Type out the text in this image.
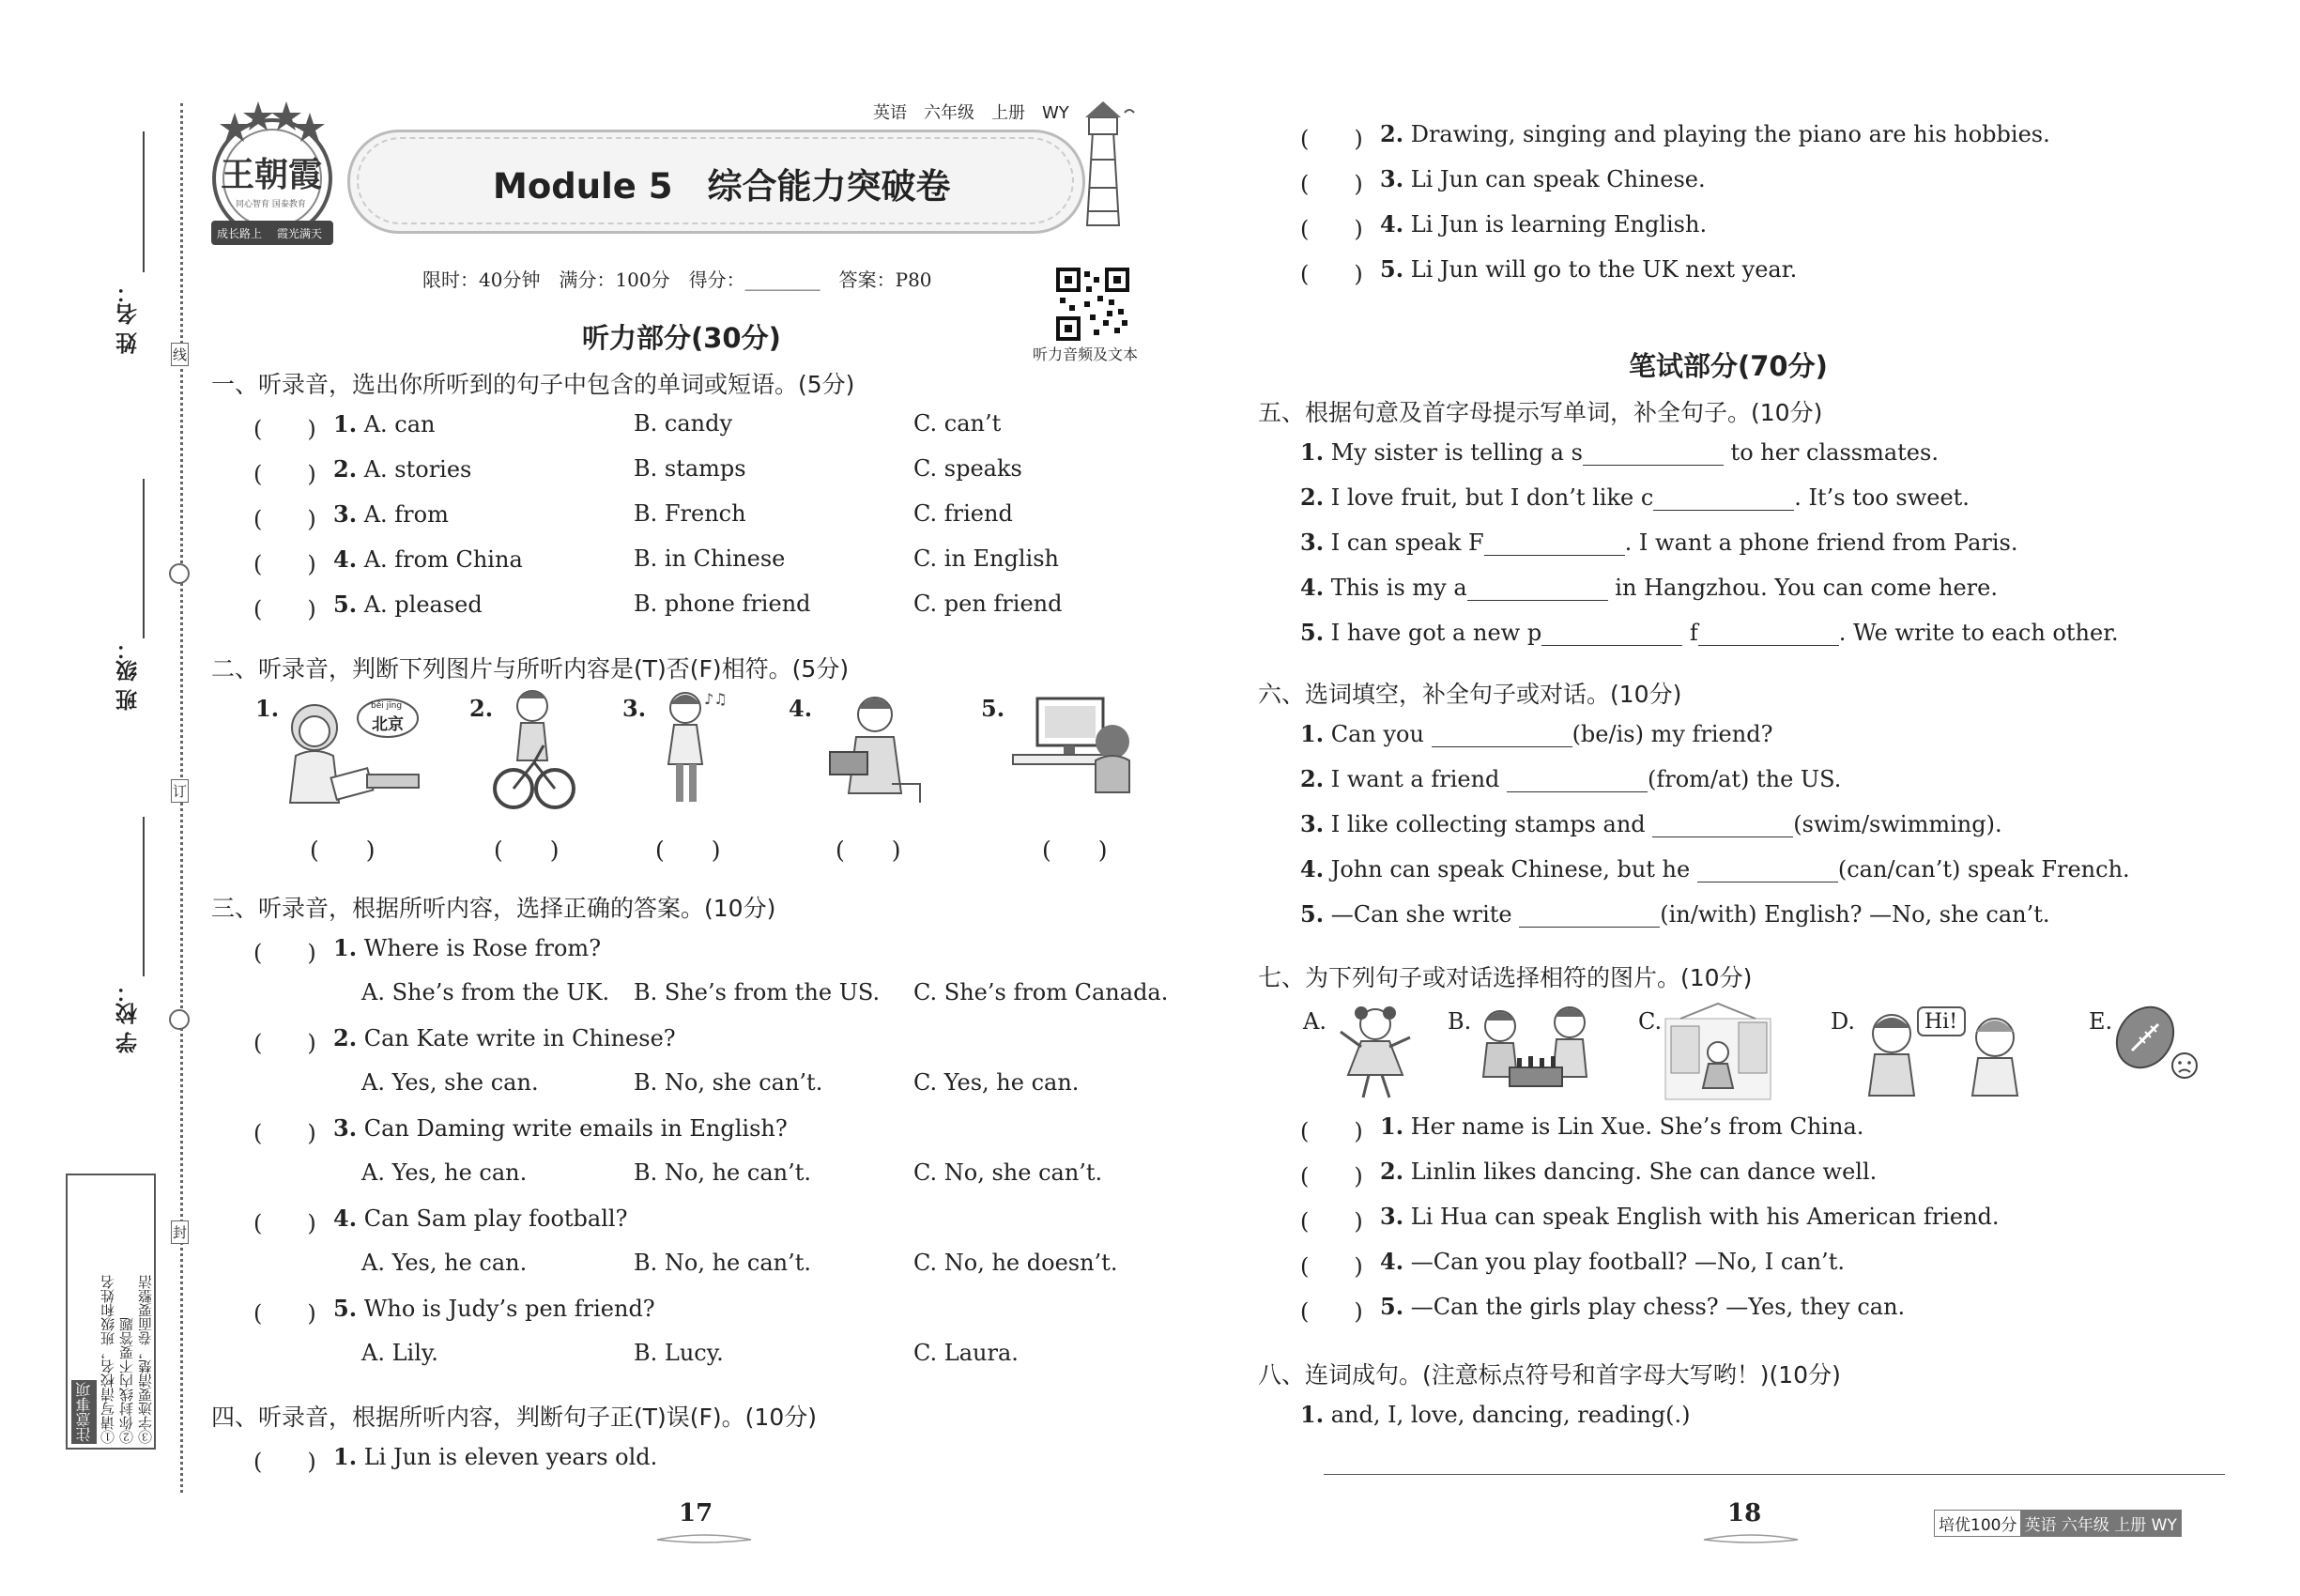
姓 名：
班 级：
学 校：
线
订
封
注意事项 ①请写清校名，班级和姓名 ②你封线内不要答题 ③字迹要清楚，卷面要整洁
王朝霞
同心智育 国泰教育
成长路上 霞光满天
英语　六年级　上册　WY
Module 5　综合能力突破卷
限时：40分钟　满分：100分　得分：________　答案：P80
听力音频及文本
听力部分(30分)
一、听录音，选出你所听到的句子中包含的单词或短语。(5分)
(　　) 1. A. can	B. candy	C. can’t
(　　) 2. A. stories	B. stamps	C. speaks
(　　) 3. A. from	B. French	C. friend
(　　) 4. A. from China	B. in Chinese	C. in English
(　　) 5. A. pleased	B. phone friend	C. pen friend
二、听录音，判断下列图片与所听内容是(T)否(F)相符。(5分)
1.	2.	3.	4.	5.
běi jīng
北京
♪♫
(　　)	(　　)	(　　)	(　　)	(　　)
三、听录音，根据所听内容，选择正确的答案。(10分)
(　　) 1. Where is Rose from?
A. She’s from the UK. B. She’s from the US. C. She’s from Canada.
(　　) 2. Can Kate write in Chinese?
A. Yes, she can.	B. No, she can’t.	C. Yes, he can.
(　　) 3. Can Daming write emails in English?
A. Yes, he can.	B. No, he can’t.	C. No, she can’t.
(　　) 4. Can Sam play football?
A. Yes, he can.	B. No, he can’t.	C. No, he doesn’t.
(　　) 5. Who is Judy’s pen friend?
A. Lily.	B. Lucy.	C. Laura.
四、听录音，根据所听内容，判断句子正(T)误(F)。(10分)
(　　) 1. Li Jun is eleven years old.
17
(　　) 2. Drawing, singing and playing the piano are his hobbies.
(　　) 3. Li Jun can speak Chinese.
(　　) 4. Li Jun is learning English.
(　　) 5. Li Jun will go to the UK next year.
笔试部分(70分)
五、根据句意及首字母提示写单词，补全句子。(10分)
1. My sister is telling a s	to her classmates.
2. I love fruit, but I don’t like c	. It’s too sweet.
3. I can speak F	. I want a phone friend from Paris.
4. This is my a	in Hangzhou. You can come here.
5. I have got a new p	f	. We write to each other.
六、选词填空，补全句子或对话。(10分)
1. Can you	(be/is) my friend?
2. I want a friend	(from/at) the US.
3. I like collecting stamps and	(swim/swimming).
4. John can speak Chinese, but he	(can/can’t) speak French.
5. —Can she write	(in/with) English? —No, she can’t.
七、为下列句子或对话选择相符的图片。(10分)
A.	B.	C.	D.	E.
Hi!
(　　) 1. Her name is Lin Xue. She’s from China.
(　　) 2. Linlin likes dancing. She can dance well.
(　　) 3. Li Hua can speak English with his American friend.
(　　) 4. —Can you play football? —No, I can’t.
(　　) 5. —Can the girls play chess? —Yes, they can.
八、连词成句。(注意标点符号和首字母大写哟！)(10分)
1. and, I, love, dancing, reading(.)
18	培优100分 英语 六年级 上册 WY
